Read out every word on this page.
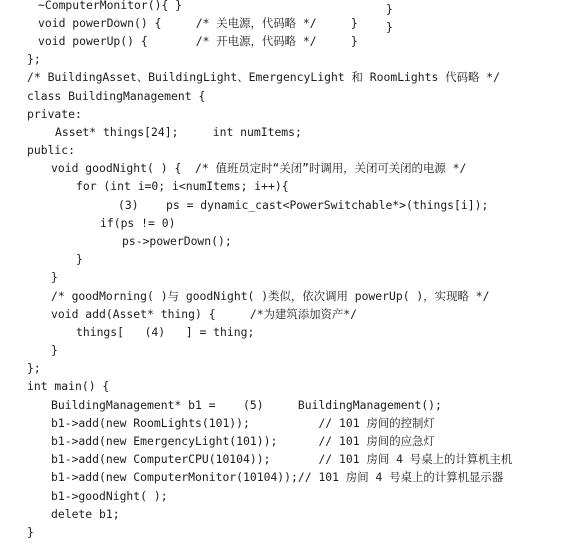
~ComputerMonitor(){ }
void powerDown() {     /* 关电源，代码略 */     }
void powerUp() {       /* 开电源，代码略 */     }
};
/* BuildingAsset、BuildingLight、EmergencyLight 和 RoomLights 代码略 */
class BuildingManagement {
private:
Asset* things[24];     int numItems;
public:
void goodNight( ) {  /* 值班员定时“关闭”时调用，关闭可关闭的电源 */
for (int i=0; i<numItems; i++){
(3)    ps = dynamic_cast<PowerSwitchable*>(things[i]);
if(ps != 0)
ps->powerDown();
}
}
/* goodMorning( )与 goodNight( )类似，依次调用 powerUp( )，实现略 */
void add(Asset* thing) {     /*为建筑添加资产*/
things[   (4)   ] = thing;
}
};
int main() {
BuildingManagement* b1 =    (5)     BuildingManagement();
b1->add(new RoomLights(101));          // 101 房间的控制灯
b1->add(new EmergencyLight(101));      // 101 房间的应急灯
b1->add(new ComputerCPU(10104));       // 101 房间 4 号桌上的计算机主机
b1->add(new ComputerMonitor(10104));// 101 房间 4 号桌上的计算机显示器
b1->goodNight( );
delete b1;
}
}
}
